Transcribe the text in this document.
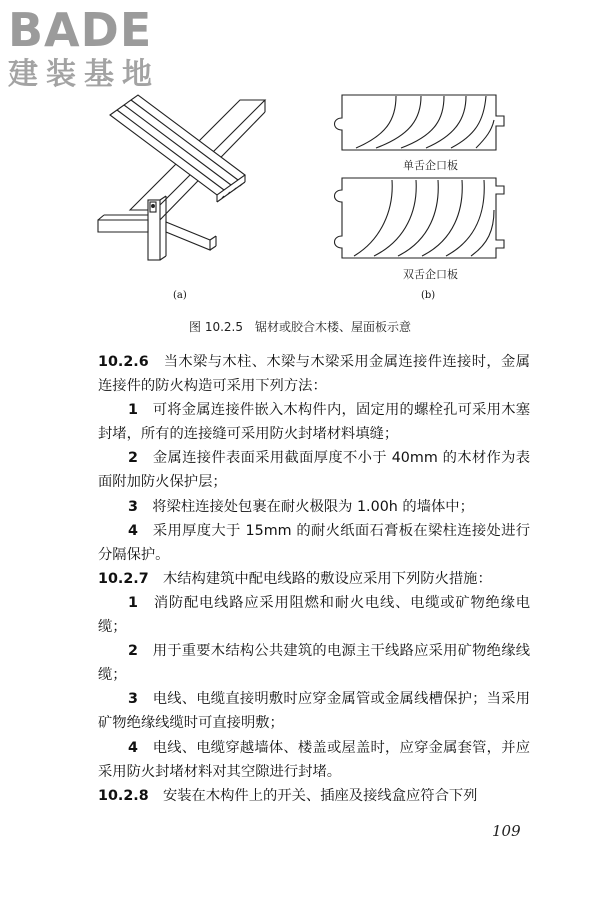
BADE
建装基地
(a)
单舌企口板
双舌企口板
(b)
图 10.2.5　锯材或胶合木楼、屋面板示意

10.2.6　 当木梁与木柱、木梁与木梁采用金属连接件连接时，金属连接件的防火构造可采用下列方法：

1　 可将金属连接件嵌入木构件内，固定用的螺栓孔可采用木塞封堵，所有的连接缝可采用防火封堵材料填缝；

2　 金属连接件表面采用截面厚度不小于 40mm 的木材作为表面附加防火保护层；

3　 将梁柱连接处包裹在耐火极限为 1.00h 的墙体中；

4　 采用厚度大于 15mm 的耐火纸面石膏板在梁柱连接处进行分隔保护。

10.2.7　 木结构建筑中配电线路的敷设应采用下列防火措施：

1　 消防配电线路应采用阻燃和耐火电线、电缆或矿物绝缘电缆；

2　 用于重要木结构公共建筑的电源主干线路应采用矿物绝缘线缆；

3　 电线、电缆直接明敷时应穿金属管或金属线槽保护；当采用矿物绝缘线缆时可直接明敷；

4　 电线、电缆穿越墙体、楼盖或屋盖时，应穿金属套管，并应采用防火封堵材料对其空隙进行封堵。

10.2.8　 安装在木构件上的开关、插座及接线盒应符合下列

109
